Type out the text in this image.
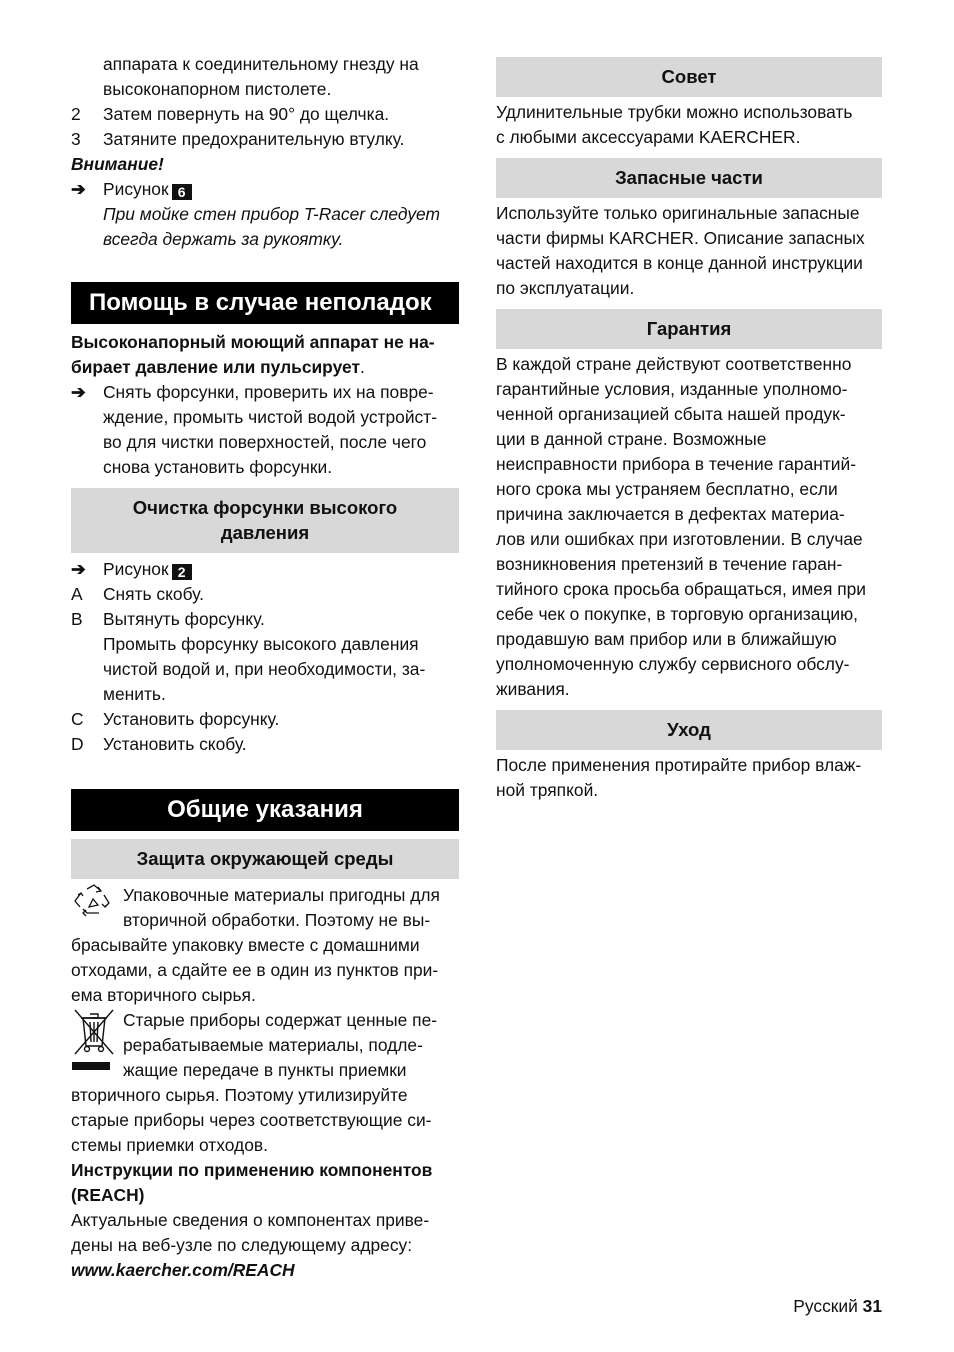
аппарата к соединительному гнезду на

высоконапорном пистолете.

2	Затем повернуть на 90° до щелчка.
3	Затяните предохранительную втулку.

Внимание!

➔	Рисунок 6

При мойке стен прибор T-Racer следует

всегда держать за рукоятку.

Помощь в случае неполадок

Высоконапорный моющий аппарат не на-

бирает давление или пульсирует.

➔	Снять форсунки, проверить их на повре-

ждение, промыть чистой водой устройст-

во для чистки поверхностей, после чего

снова установить форсунки.

Очистка форсунки высокого
давления
➔	Рисунок 2
A	Снять скобу.
B	Вытянуть форсунку.

Промыть форсунку высокого давления

чистой водой и, при необходимости, за-

менить.

C	Установить форсунку.
D	Установить скобу.
Общие указания
Защита окружающей среды

Упаковочные материалы пригодны для

вторичной обработки. Поэтому не вы-

брасывайте упаковку вместе с домашними

отходами, а сдайте ее в один из пунктов при-

ема вторичного сырья.

Старые приборы содержат ценные пе-

рерабатываемые материалы, подле-

жащие передаче в пункты приемки

вторичного сырья. Поэтому утилизируйте

старые приборы через соответствующие си-

стемы приемки отходов.

Инструкции по применению компонентов

(REACH)

Актуальные сведения о компонентах приве-

дены на веб-узле по следующему адресу:

www.kaercher.com/REACH

Совет

Удлинительные трубки можно использовать

с любыми аксессуарами KAERCHER.

Запасные части

Используйте только оригинальные запасные

части фирмы KARCHER. Описание запасных

частей находится в конце данной инструкции

по эксплуатации.

Гарантия

В каждой стране действуют соответственно

гарантийные условия, изданные уполномо-

ченной организацией сбыта нашей продук-

ции в данной стране. Возможные

неисправности прибора в течение гарантий-

ного срока мы устраняем бесплатно, если

причина заключается в дефектах материа-

лов или ошибках при изготовлении. В случае

возникновения претензий в течение гаран-

тийного срока просьба обращаться, имея при

себе чек о покупке, в торговую организацию,

продавшую вам прибор или в ближайшую

уполномоченную службу сервисного обслу-

живания.

Уход

После применения протирайте прибор влаж-

ной тряпкой.

Русский 31
